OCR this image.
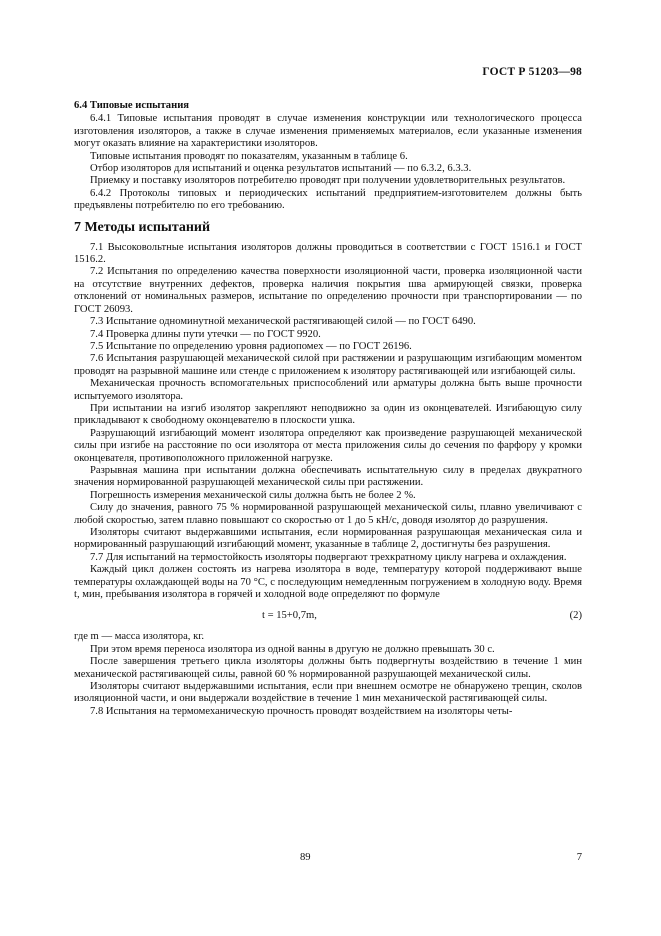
ГОСТ Р 51203—98
6.4 Типовые испытания

6.4.1 Типовые испытания проводят в случае изменения конструкции или технологического процесса изготовления изоляторов, а также в случае изменения применяемых материалов, если указанные изменения могут оказать влияние на характеристики изоляторов.

Типовые испытания проводят по показателям, указанным в таблице 6.

Отбор изоляторов для испытаний и оценка результатов испытаний — по 6.3.2, 6.3.3.

Приемку и поставку изоляторов потребителю проводят при получении удовлетворительных результатов.

6.4.2 Протоколы типовых и периодических испытаний предприятием-изготовителем должны быть предъявлены потребителю по его требованию.

7 Методы испытаний

7.1 Высоковольтные испытания изоляторов должны проводиться в соответствии с ГОСТ 1516.1 и ГОСТ 1516.2.

7.2 Испытания по определению качества поверхности изоляционной части, проверка изоляционной части на отсутствие внутренних дефектов, проверка наличия покрытия шва армирующей связки, проверка отклонений от номинальных размеров, испытание по определению прочности при транспортировании — по ГОСТ 26093.

7.3 Испытание одноминутной механической растягивающей силой — по ГОСТ 6490.

7.4 Проверка длины пути утечки — по ГОСТ 9920.

7.5 Испытание по определению уровня радиопомех — по ГОСТ 26196.

7.6 Испытания разрушающей механической силой при растяжении и разрушающим изгибающим моментом проводят на разрывной машине или стенде с приложением к изолятору растягивающей или изгибающей силы.

Механическая прочность вспомогательных приспособлений или арматуры должна быть выше прочности испытуемого изолятора.

При испытании на изгиб изолятор закрепляют неподвижно за один из оконцевателей. Изгибающую силу прикладывают к свободному оконцевателю в плоскости ушка.

Разрушающий изгибающий момент изолятора определяют как произведение разрушающей механической силы при изгибе на расстояние по оси изолятора от места приложения силы до сечения по фарфору у кромки оконцевателя, противоположного приложенной нагрузке.

Разрывная машина при испытании должна обеспечивать испытательную силу в пределах двукратного значения нормированной разрушающей механической силы при растяжении.

Погрешность измерения механической силы должна быть не более 2 %.

Силу до значения, равного 75 % нормированной разрушающей механической силы, плавно увеличивают с любой скоростью, затем плавно повышают со скоростью от 1 до 5 кН/с, доводя изолятор до разрушения.

Изоляторы считают выдержавшими испытания, если нормированная разрушающая механическая сила и нормированный разрушающий изгибающий момент, указанные в таблице 2, достигнуты без разрушения.

7.7 Для испытаний на термостойкость изоляторы подвергают трехкратному циклу нагрева и охлаждения.

Каждый цикл должен состоять из нагрева изолятора в воде, температуру которой поддерживают выше температуры охлаждающей воды на 70 °С, с последующим немедленным погружением в холодную воду. Время t, мин, пребывания изолятора в горячей и холодной воде определяют по формуле

t = 15+0,7m,	(2)

где m — масса изолятора, кг.

При этом время переноса изолятора из одной ванны в другую не должно превышать 30 с.

После завершения третьего цикла изоляторы должны быть подвергнуты воздействию в течение 1 мин механической растягивающей силы, равной 60 % нормированной разрушающей механической силы.

Изоляторы считают выдержавшими испытания, если при внешнем осмотре не обнаружено трещин, сколов изоляционной части, и они выдержали воздействие в течение 1 мин механической растягивающей силы.

7.8 Испытания на термомеханическую прочность проводят воздействием на изоляторы четы-

89	7
